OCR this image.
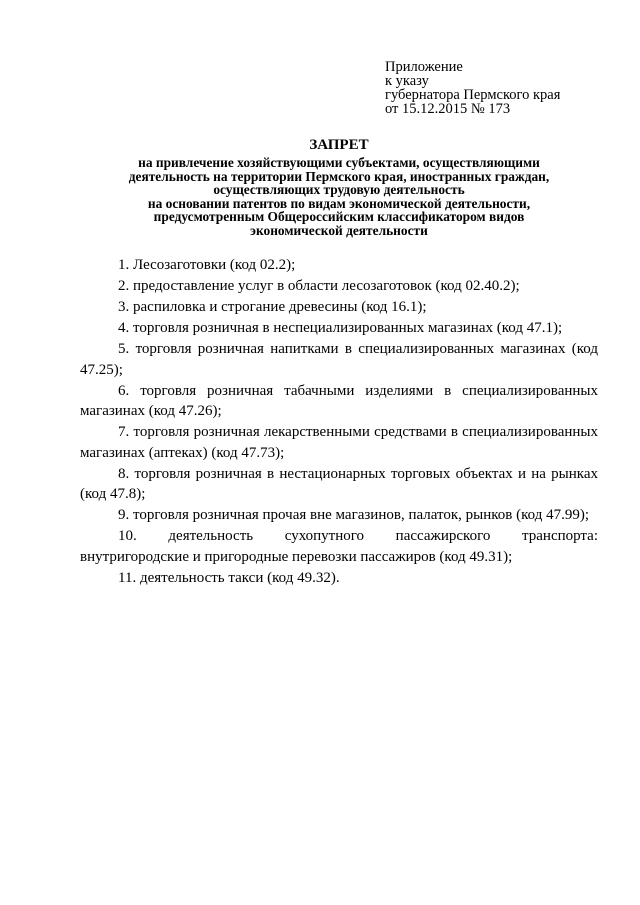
Приложение
к указу
губернатора Пермского края
от 15.12.2015 № 173
ЗАПРЕТ
на привлечение хозяйствующими субъектами, осуществляющими
деятельность на территории Пермского края, иностранных граждан,
осуществляющих трудовую деятельность
на основании патентов по видам экономической деятельности,
предусмотренным Общероссийским классификатором видов
экономической деятельности

1. Лесозаготовки (код 02.2);

2. предоставление услуг в области лесозаготовок (код 02.40.2);

3. распиловка и строгание древесины (код 16.1);

4. торговля розничная в неспециализированных магазинах (код 47.1);

5. торговля розничная напитками в специализированных магазинах (код 47.25);

6. торговля розничная табачными изделиями в специализированных магазинах (код 47.26);

7. торговля розничная лекарственными средствами в специализированных магазинах (аптеках) (код 47.73);

8. торговля розничная в нестационарных торговых объектах и на рынках (код 47.8);

9. торговля розничная прочая вне магазинов, палаток, рынков (код 47.99);

10. деятельность сухопутного пассажирского транспорта: внутригородские и пригородные перевозки пассажиров (код 49.31);

11. деятельность такси (код 49.32).
